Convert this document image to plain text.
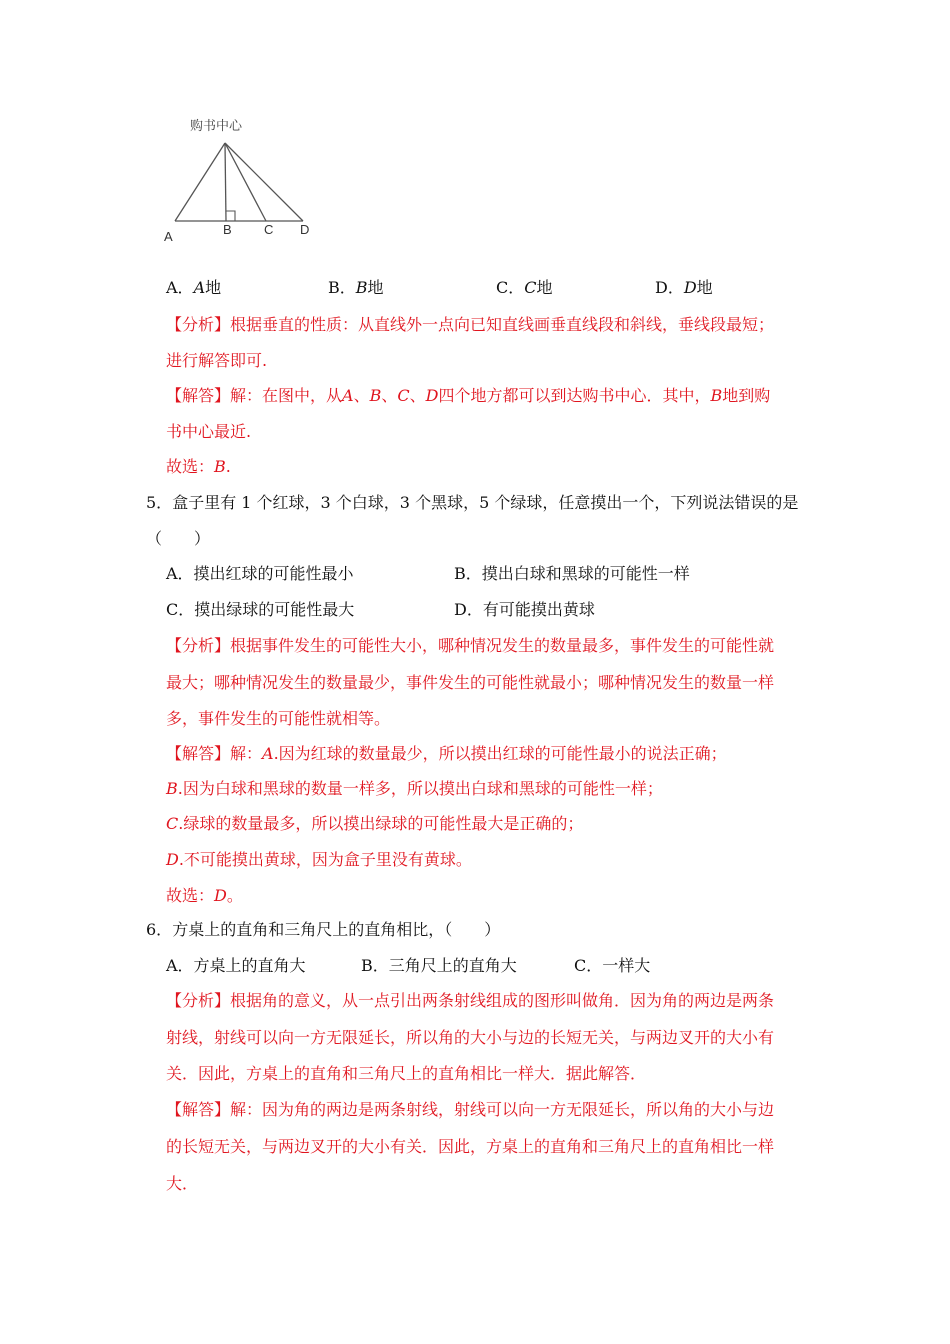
购书中心
A	B C D
A．A地	B．B地	C．C地	D．D地
【分析】根据垂直的性质：从直线外一点向已知直线画垂直线段和斜线，垂线段最短；
进行解答即可.
【解答】解：在图中，从A、B、C、D四个地方都可以到达购书中心．其中，B地到购
书中心最近.
故选：B.
5．盒子里有 1 个红球，3 个白球，3 个黑球，5 个绿球，任意摸出一个，下列说法错误的是
（　　）
A．摸出红球的可能性最小	B．摸出白球和黑球的可能性一样
C．摸出绿球的可能性最大	D．有可能摸出黄球
【分析】根据事件发生的可能性大小，哪种情况发生的数量最多，事件发生的可能性就
最大；哪种情况发生的数量最少，事件发生的可能性就最小；哪种情况发生的数量一样
多，事件发生的可能性就相等。
【解答】解：A.因为红球的数量最少，所以摸出红球的可能性最小的说法正确；
B.因为白球和黑球的数量一样多，所以摸出白球和黑球的可能性一样；
C.绿球的数量最多，所以摸出绿球的可能性最大是正确的；
D.不可能摸出黄球，因为盒子里没有黄球。
故选：D。
6．方桌上的直角和三角尺上的直角相比，（　　）
A．方桌上的直角大	B．三角尺上的直角大	C．一样大
【分析】根据角的意义，从一点引出两条射线组成的图形叫做角．因为角的两边是两条
射线，射线可以向一方无限延长，所以角的大小与边的长短无关，与两边叉开的大小有
关．因此，方桌上的直角和三角尺上的直角相比一样大．据此解答．
【解答】解：因为角的两边是两条射线，射线可以向一方无限延长，所以角的大小与边
的长短无关，与两边叉开的大小有关．因此，方桌上的直角和三角尺上的直角相比一样
大．
